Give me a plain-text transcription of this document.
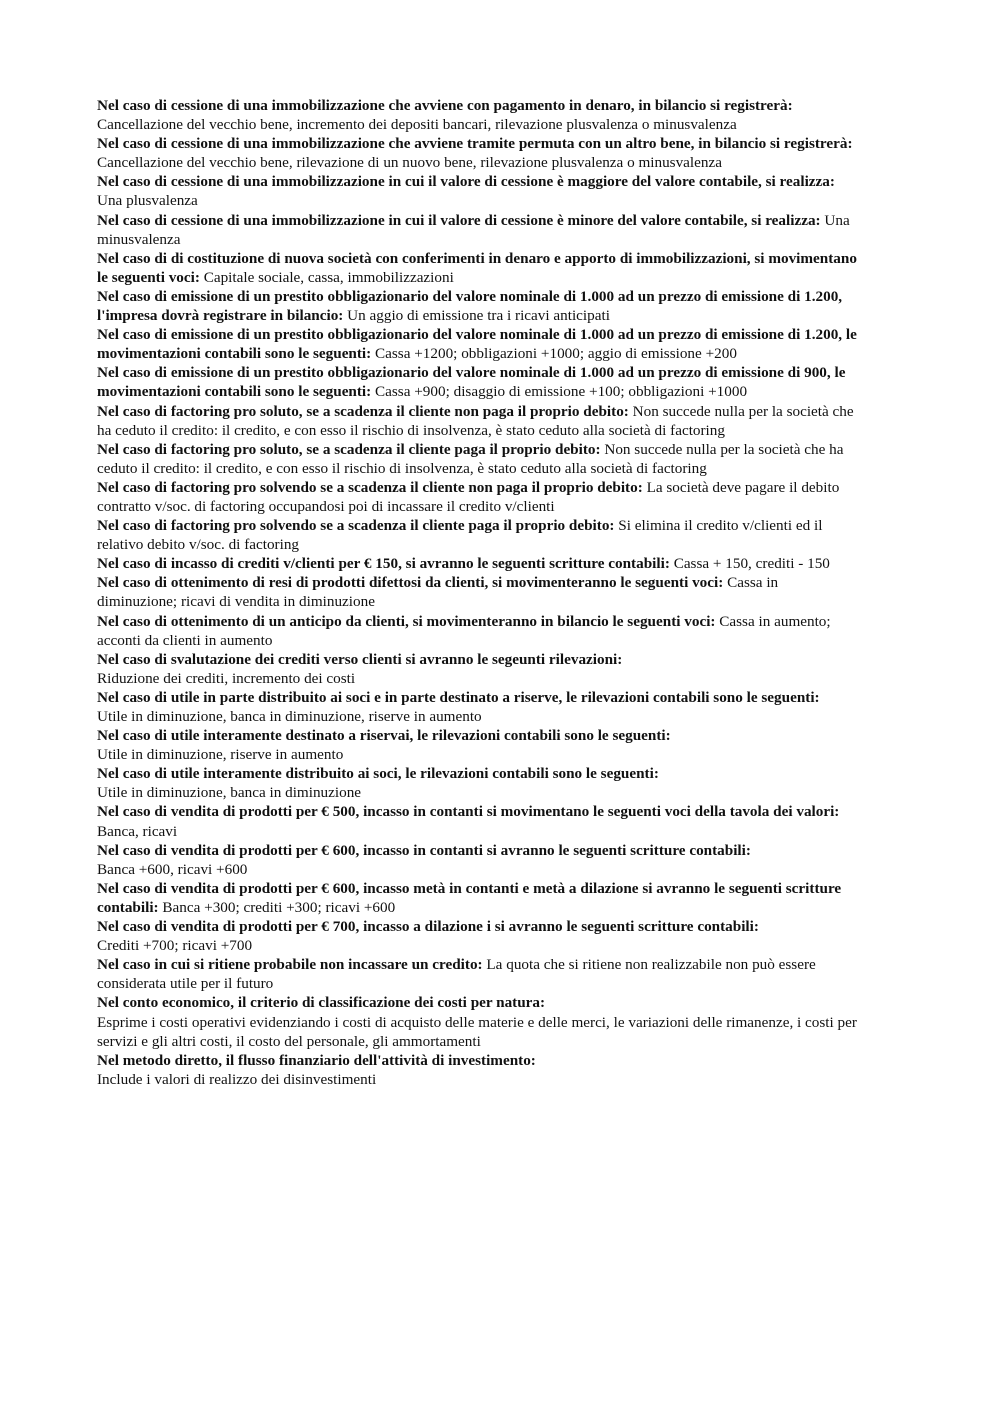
Nel caso di cessione di una immobilizzazione che avviene con pagamento in denaro, in bilancio si registrerà: Cancellazione del vecchio bene, incremento dei depositi bancari, rilevazione plusvalenza o minusvalenza

Nel caso di cessione di una immobilizzazione che avviene tramite permuta con un altro bene, in bilancio si registrerà: Cancellazione del vecchio bene, rilevazione di un nuovo bene, rilevazione plusvalenza o minusvalenza

Nel caso di cessione di una immobilizzazione in cui il valore di cessione è maggiore del valore contabile, si realizza: Una plusvalenza

Nel caso di cessione di una immobilizzazione in cui il valore di cessione è minore del valore contabile, si realizza: Una minusvalenza

Nel caso di di costituzione di nuova società con conferimenti in denaro e apporto di immobilizzazioni, si movimentano le seguenti voci: Capitale sociale, cassa, immobilizzazioni

Nel caso di emissione di un prestito obbligazionario del valore nominale di 1.000 ad un prezzo di emissione di 1.200, l'impresa dovrà registrare in bilancio: Un aggio di emissione tra i ricavi anticipati

Nel caso di emissione di un prestito obbligazionario del valore nominale di 1.000 ad un prezzo di emissione di 1.200, le movimentazioni contabili sono le seguenti: Cassa +1200; obbligazioni +1000; aggio di emissione +200

Nel caso di emissione di un prestito obbligazionario del valore nominale di 1.000 ad un prezzo di emissione di 900, le movimentazioni contabili sono le seguenti: Cassa +900; disaggio di emissione +100; obbligazioni +1000

Nel caso di factoring pro soluto, se a scadenza il cliente non paga il proprio debito: Non succede nulla per la società che ha ceduto il credito: il credito, e con esso il rischio di insolvenza, è stato ceduto alla società di factoring

Nel caso di factoring pro soluto, se a scadenza il cliente paga il proprio debito: Non succede nulla per la società che ha ceduto il credito: il credito, e con esso il rischio di insolvenza, è stato ceduto alla società di factoring

Nel caso di factoring pro solvendo se a scadenza il cliente non paga il proprio debito: La società deve pagare il debito contratto v/soc. di factoring occupandosi poi di incassare il credito v/clienti

Nel caso di factoring pro solvendo se a scadenza il cliente paga il proprio debito: Si elimina il credito v/clienti ed il relativo debito v/soc. di factoring

Nel caso di incasso di crediti v/clienti per € 150, si avranno le seguenti scritture contabili: Cassa + 150, crediti - 150

Nel caso di ottenimento di resi di prodotti difettosi da clienti, si movimenteranno le seguenti voci: Cassa in diminuzione; ricavi di vendita in diminuzione

Nel caso di ottenimento di un anticipo da clienti, si movimenteranno in bilancio le seguenti voci: Cassa in aumento; acconti da clienti in aumento

Nel caso di svalutazione dei crediti verso clienti si avranno le segeunti rilevazioni:
Riduzione dei crediti, incremento dei costi

Nel caso di utile in parte distribuito ai soci e in parte destinato a riserve, le rilevazioni contabili sono le seguenti:
Utile in diminuzione, banca in diminuzione, riserve in aumento

Nel caso di utile interamente destinato a riservai, le rilevazioni contabili sono le seguenti:
Utile in diminuzione, riserve in aumento

Nel caso di utile interamente distribuito ai soci, le rilevazioni contabili sono le seguenti:
Utile in diminuzione, banca in diminuzione

Nel caso di vendita di prodotti per € 500, incasso in contanti si movimentano le seguenti voci della tavola dei valori: Banca, ricavi

Nel caso di vendita di prodotti per € 600, incasso in contanti si avranno le seguenti scritture contabili:
Banca +600, ricavi +600

Nel caso di vendita di prodotti per € 600, incasso metà in contanti e metà a dilazione si avranno le seguenti scritture contabili: Banca +300; crediti +300; ricavi +600

Nel caso di vendita di prodotti per € 700, incasso a dilazione i si avranno le seguenti scritture contabili:
Crediti +700; ricavi +700

Nel caso in cui si ritiene probabile non incassare un credito: La quota che si ritiene non realizzabile non può essere considerata utile per il futuro

Nel conto economico, il criterio di classificazione dei costi per natura:
Esprime i costi operativi evidenziando i costi di acquisto delle materie e delle merci, le variazioni delle rimanenze, i costi per servizi e gli altri costi, il costo del personale, gli ammortamenti

Nel metodo diretto, il flusso finanziario dell'attività di investimento:
Include i valori di realizzo dei disinvestimenti
